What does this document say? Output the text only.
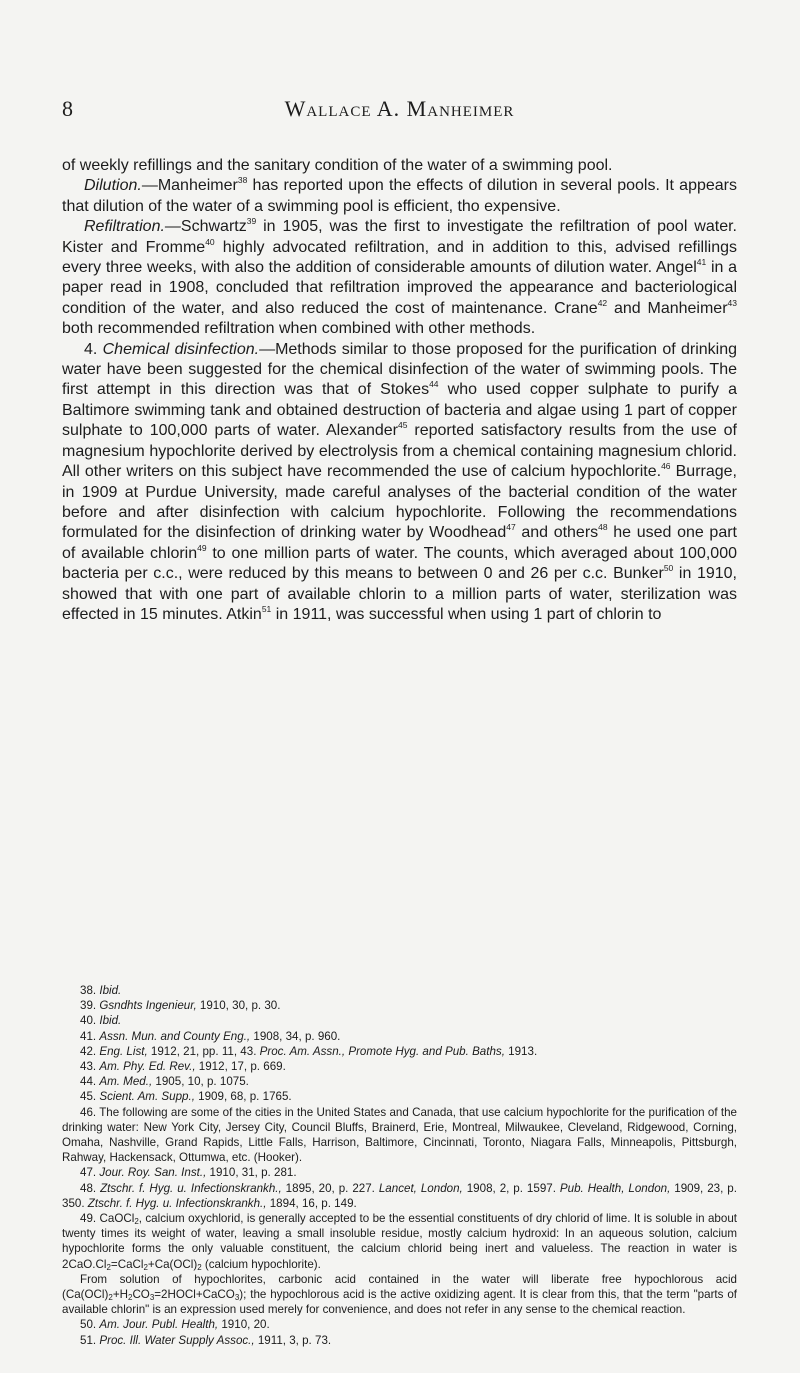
8	Wallace A. Manheimer

of weekly refillings and the sanitary condition of the water of a swimming pool.

Dilution.—Manheimer$^{38}$ has reported upon the effects of dilution in several pools. It appears that dilution of the water of a swimming pool is efficient, tho expensive.

Refiltration.—Schwartz$^{39}$ in 1905, was the first to investigate the refiltration of pool water. Kister and Fromme$^{40}$ highly advocated refiltration, and in addition to this, advised refillings every three weeks, with also the addition of considerable amounts of dilution water. Angel$^{41}$ in a paper read in 1908, concluded that refiltration improved the appearance and bacteriological condition of the water, and also reduced the cost of maintenance. Crane$^{42}$ and Manheimer$^{43}$ both recommended refiltration when combined with other methods.

4. Chemical disinfection.—Methods similar to those proposed for the purification of drinking water have been suggested for the chemical disinfection of the water of swimming pools. The first attempt in this direction was that of Stokes$^{44}$ who used copper sulphate to purify a Baltimore swimming tank and obtained destruction of bacteria and algae using 1 part of copper sulphate to 100,000 parts of water. Alexander$^{45}$ reported satisfactory results from the use of magnesium hypochlorite derived by electrolysis from a chemical containing magnesium chlorid. All other writers on this subject have recommended the use of calcium hypochlorite.$^{46}$ Burrage, in 1909 at Purdue University, made careful analyses of the bacterial condition of the water before and after disinfection with calcium hypochlorite. Following the recommendations formulated for the disinfection of drinking water by Woodhead$^{47}$ and others$^{48}$ he used one part of available chlorin$^{49}$ to one million parts of water. The counts, which averaged about 100,000 bacteria per c.c., were reduced by this means to between 0 and 26 per c.c. Bunker$^{50}$ in 1910, showed that with one part of available chlorin to a million parts of water, sterilization was effected in 15 minutes. Atkin$^{51}$ in 1911, was successful when using 1 part of chlorin to

38. Ibid.

39. Gsndhts Ingenieur, 1910, 30, p. 30.

40. Ibid.

41. Assn. Mun. and County Eng., 1908, 34, p. 960.

42. Eng. List, 1912, 21, pp. 11, 43. Proc. Am. Assn., Promote Hyg. and Pub. Baths, 1913.

43. Am. Phy. Ed. Rev., 1912, 17, p. 669.

44. Am. Med., 1905, 10, p. 1075.

45. Scient. Am. Supp., 1909, 68, p. 1765.

46. The following are some of the cities in the United States and Canada, that use calcium hypochlorite for the purification of the drinking water: New York City, Jersey City, Council Bluffs, Brainerd, Erie, Montreal, Milwaukee, Cleveland, Ridgewood, Corning, Omaha, Nashville, Grand Rapids, Little Falls, Harrison, Baltimore, Cincinnati, Toronto, Niagara Falls, Minneapolis, Pittsburgh, Rahway, Hackensack, Ottumwa, etc. (Hooker).

47. Jour. Roy. San. Inst., 1910, 31, p. 281.

48. Ztschr. f. Hyg. u. Infectionskrankh., 1895, 20, p. 227. Lancet, London, 1908, 2, p. 1597. Pub. Health, London, 1909, 23, p. 350. Ztschr. f. Hyg. u. Infectionskrankh., 1894, 16, p. 149.

49. CaOCl$_2$, calcium oxychlorid, is generally accepted to be the essential constituents of dry chlorid of lime. It is soluble in about twenty times its weight of water, leaving a small insoluble residue, mostly calcium hydroxid: In an aqueous solution, calcium hypochlorite forms the only valuable constituent, the calcium chlorid being inert and valueless. The reaction in water is $2CaO.Cl_2=CaCl_2+Ca(OCl)_2$ (calcium hypochlorite).

From solution of hypochlorites, carbonic acid contained in the water will liberate free hypochlorous acid $(Ca(OCl)_2+H_2CO_3=2HOCl+CaCO_3)$; the hypochlorous acid is the active oxidizing agent. It is clear from this, that the term "parts of available chlorin" is an expression used merely for convenience, and does not refer in any sense to the chemical reaction.

50. Am. Jour. Publ. Health, 1910, 20.

51. Proc. Ill. Water Supply Assoc., 1911, 3, p. 73.
